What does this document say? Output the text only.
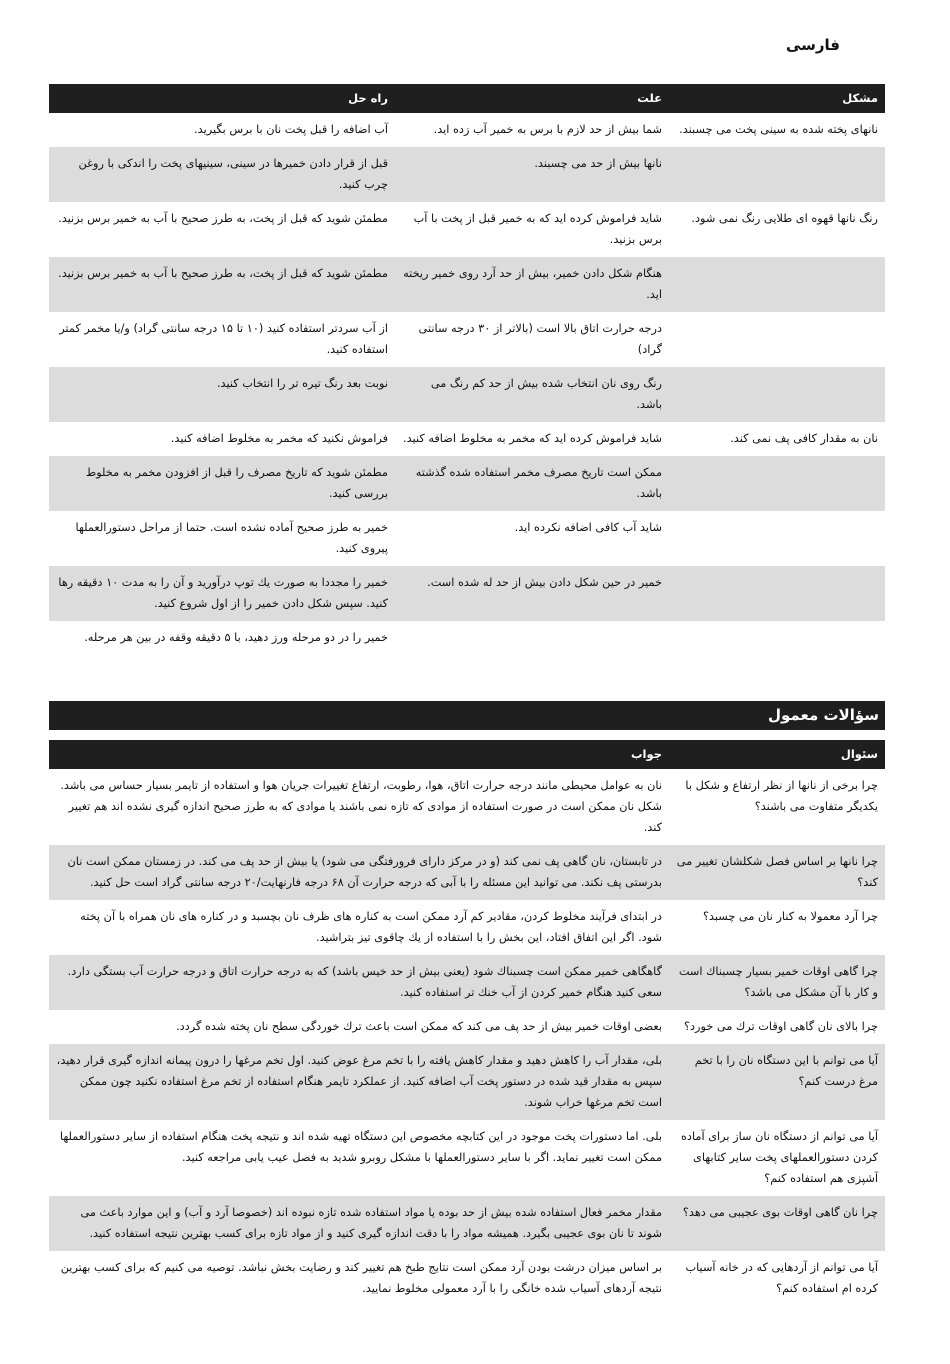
فارسی
مشکل	علت	راه حل
نانهای پخته شده به سینی پخت می چسبند.	شما بیش از حد لازم با برس به خمیر آب زده اید.	آب اضافه را قبل پخت نان با برس بگیرید.
	نانها بیش از حد می چسبند.	قبل از قرار دادن خمیرها در سینی، سینیهای پخت را اندکی با روغن چرب کنید.
رنگ نانها قهوه ای طلایی رنگ نمی شود.	شاید فراموش کرده اید که به خمیر قبل از پخت با آب برس بزنید.	مطمئن شوید که قبل از پخت، به طرز صحیح با آب به خمیر برس بزنید.
	هنگام شکل دادن خمیر، بیش از حد آرد روی خمیر ریخته اید.	مطمئن شوید که قبل از پخت، به طرز صحیح با آب به خمیر برس بزنید.
	درجه حرارت اتاق بالا است (بالاتر از ۳۰ درجه سانتی گراد)	از آب سردتر استفاده کنید (۱۰ تا ۱۵ درجه سانتی گراد) و/یا مخمر کمتر استفاده کنید.
	رنگ روی نان انتخاب شده بیش از حد کم رنگ می باشد.	نوبت بعد رنگ تیره تر را انتخاب کنید.
نان به مقدار کافی پف نمی کند.	شاید فراموش کرده اید که مخمر به مخلوط اضافه کنید.	فراموش نکنید که مخمر به مخلوط اضافه کنید.
	ممکن است تاریخ مصرف مخمر استفاده شده گذشته باشد.	مطمئن شوید که تاریخ مصرف را قبل از افزودن مخمر به مخلوط بررسی کنید.
	شاید آب کافی اضافه نکرده اید.	خمیر به طرز صحیح آماده نشده است. حتما از مراحل دستورالعملها پیروی کنید.
	خمیر در حین شکل دادن بیش از حد له شده است.	خمیر را مجددا به صورت یك توپ درآورید و آن را به مدت ۱۰ دقیقه رها کنید. سپس شکل دادن خمیر را از اول شروع کنید.
		خمیر را در دو مرحله ورز دهید، با ۵ دقیقه وقفه در بین هر مرحله.
سؤالات معمول
سئوال	جواب
چرا برخی از نانها از نظر ارتفاع و شکل با یکدیگر متفاوت می باشند؟	نان به عوامل محیطی مانند درجه حرارت اتاق، هوا، رطوبت، ارتفاع تغییرات جریان هوا و استفاده از تایمر بسیار حساس می باشد. شکل نان ممکن است در صورت استفاده از موادی که تازه نمی باشند یا موادی که به طرز صحیح اندازه گیری نشده اند هم تغییر کند.
چرا نانها بر اساس فصل شکلشان تغییر می کند؟	در تابستان، نان گاهی پف نمی کند (و در مرکز دارای فرورفتگی می شود) یا بیش از حد پف می کند. در زمستان ممکن است نان بدرستی پف نکند. می توانید این مسئله را با آبی که درجه حرارت آن ۶۸ درجه فارنهایت/۲۰ درجه سانتی گراد است حل کنید.
چرا آرد معمولا به کنار نان می چسبد؟	در ابتدای فرآیند مخلوط کردن، مقادیر کم آرد ممکن است به کناره های ظرف نان بچسبد و در کناره های نان همراه با آن پخته شود. اگر این اتفاق افتاد، این بخش را با استفاده از یك چاقوی تیز بتراشید.
چرا گاهی اوقات خمیر بسیار چسبناك است و کار با آن مشکل می باشد؟	گاهگاهی خمیر ممکن است چسبناك شود (یعنی بیش از حد خیس باشد) که به درجه حرارت اتاق و درجه حرارت آب بستگی دارد. سعی کنید هنگام خمیر کردن از آب خنك تر استفاده کنید.
چرا بالای نان گاهی اوقات ترك می خورد؟	بعضی اوقات خمیر بیش از حد پف می کند که ممکن است باعث ترك خوردگی سطح نان پخته شده گردد.
آیا می توانم با این دستگاه نان را با تخم مرغ درست کنم؟	بلی، مقدار آب را کاهش دهید و مقدار کاهش یافته را با تخم مرغ عوض کنید. اول تخم مرغها را درون پیمانه اندازه گیری قرار دهید، سپس به مقدار قید شده در دستور پخت آب اضافه کنید. از عملکرد تایمر هنگام استفاده از تخم مرغ استفاده نکنید چون ممکن است تخم مرغها خراب شوند.
آیا می توانم از دستگاه نان ساز برای آماده کردن دستورالعملهای پخت سایر کتابهای آشپزی هم استفاده کنم؟	بلی. اما دستورات پخت موجود در این کتابچه مخصوص این دستگاه تهیه شده اند و نتیجه پخت هنگام استفاده از سایر دستورالعملها ممکن است تغییر نماید. اگر با سایر دستورالعملها با مشکل روبرو شدید به فصل عیب یابی مراجعه کنید.
چرا نان گاهی اوقات بوی عجیبی می دهد؟	مقدار مخمر فعال استفاده شده بیش از حد بوده یا مواد استفاده شده تازه نبوده اند (خصوصا آرد و آب) و این موارد باعث می شوند تا نان بوی عجیبی بگیرد. همیشه مواد را با دقت اندازه گیری کنید و از مواد تازه برای کسب بهترین نتیجه استفاده کنید.
آیا می توانم از آردهایی که در خانه آسیاب کرده ام استفاده کنم؟	بر اساس میزان درشت بودن آرد ممکن است نتایج طبخ هم تغییر کند و رضایت بخش نباشد. توصیه می کنیم که برای کسب بهترین نتیجه آردهای آسیاب شده خانگی را با آرد معمولی مخلوط نمایید.
